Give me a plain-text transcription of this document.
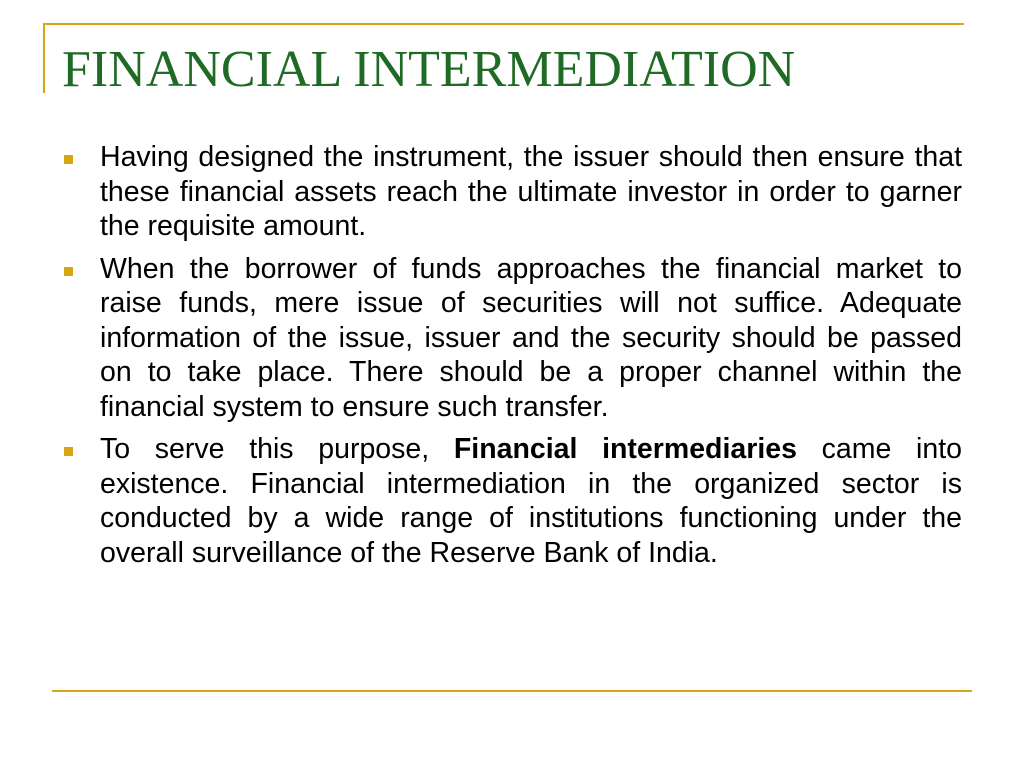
FINANCIAL INTERMEDIATION
Having designed the instrument, the issuer should then ensure that these financial assets reach the ultimate investor in order to garner the requisite amount.
When the borrower of funds approaches the financial market to raise funds, mere issue of securities will not suffice. Adequate information of the issue, issuer and the security should be passed on to take place. There should be a proper channel within the financial system to ensure such transfer.
To serve this purpose, Financial intermediaries came into existence. Financial intermediation in the organized sector is conducted by a wide range of institutions functioning under the overall surveillance of the Reserve Bank of India.
